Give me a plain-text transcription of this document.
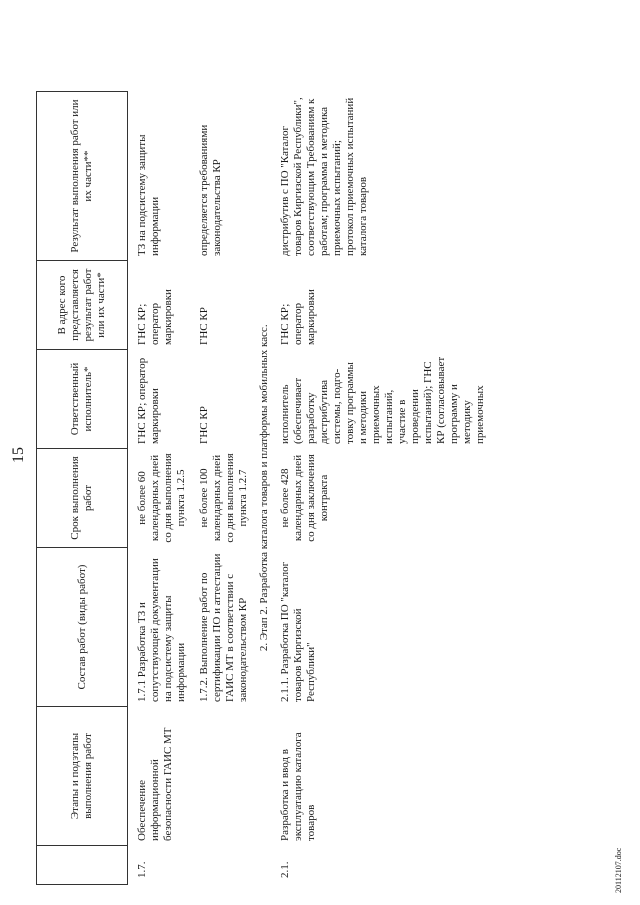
15
	Этапы и подэтапы выполнения работ	Состав работ (виды работ)	Срок выполнения работ	Ответственный исполнитель*	В адрес кого представляется результат работ или их части*	Результат выполнения работ или их части**
1.7.	Обеспечение информационной безопасности ГАИС МТ	1.7.1 Разработка ТЗ и сопутствующей документации на подсистему защиты информации	не более 60 календарных дней со дня выполнения пункта 1.2.5	ГНС КР; оператор маркировки	ГНС КР; оператор маркировки	ТЗ на подсистему защиты информации
		1.7.2. Выполнение работ по сертификации ПО и аттестации ГАИС МТ в соответствии с законодательством КР	не более 100 календарных дней со дня выполнения пункта 1.2.7	ГНС КР	ГНС КР	определяется требованиями законодательства КР
2. Этап 2. Разработка каталога товаров и платформы мобильных касс.						
2.1.	Разработка и ввод в эксплуатацию каталога товаров	2.1.1. Разработка ПО "каталог товаров Киргизской Республики"	не более 428 календарных дней со дня заключения контракта	исполнитель (обеспечивает разработку дистрибутива системы, подго-товку программы и методики приемочных испытаний, участие в проведении испытаний); ГНС КР (согласовывает программу и методику приемочных	ГНС КР; оператор маркировки	дистрибутив с ПО "Каталог товаров Киргизской Республики", соответствующим Требованиям к работам; программа и методика приемочных испытаний; протокол приемочных испытаний каталога товаров
20112107.doc
